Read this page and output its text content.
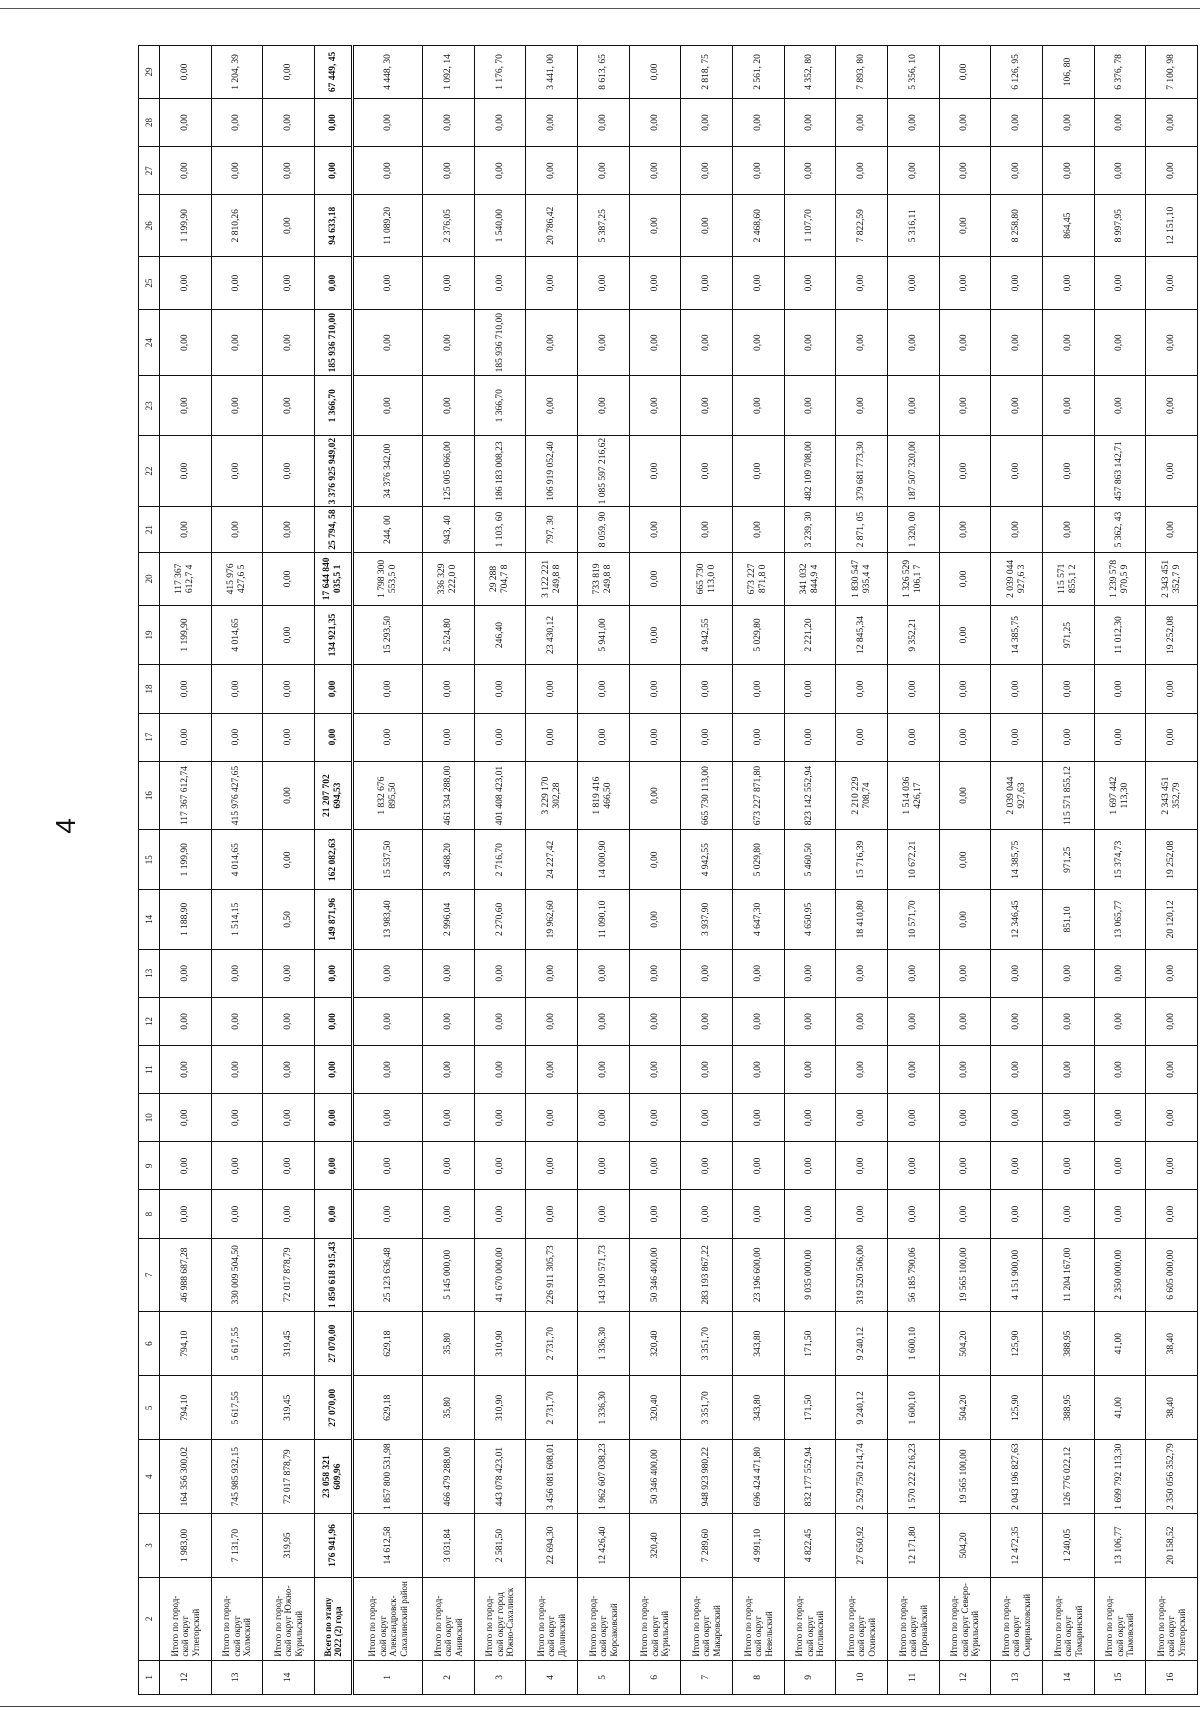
4
1	2	3	4	5	6	7	8	9	10	11	12	13	14	15	16	17	18	19	20	21	22	23	24	25	26	27	28	29
12	Итого по город-ской округ Углегорский	1 983,00	164 356 300,02	794,10	794,10	46 988 687,28	0,00	0,00	0,00	0,00	0,00	0,00	1 188,90	1 199,90	117 367 612,74	0,00	0,00	1 199,90	117 367 612,7 4	0,00	0,00	0,00	0,00	0,00	1 199,90	0,00	0,00	0,00
13	Итого по город-ской округ Холмский	7 131,70	745 985 932,15	5 617,55	5 617,55	330 009 504,50	0,00	0,00	0,00	0,00	0,00	0,00	1 514,15	4 014,65	415 976 427,65	0,00	0,00	4 014,65	415 976 427,6 5	0,00	0,00	0,00	0,00	0,00	2 810,26	0,00	0,00	1 204, 39
14	Итого по город-ской округ Южно-Курильский	319,95	72 017 878,79	319,45	319,45	72 017 878,79	0,00	0,00	0,00	0,00	0,00	0,00	0,50	0,00	0,00	0,00	0,00	0,00	0,00	0,00	0,00	0,00	0,00	0,00	0,00	0,00	0,00	0,00
	Всего по этапу 2022 (2) года	176 941,96	23 058 321 609,96	27 070,00	27 070,00	1 850 618 915,43	0,00	0,00	0,00	0,00	0,00	0,00	149 871,96	162 082,63	21 207 702 694,53	0,00	0,00	134 921,35	17 644 840 035,5 1	25 794, 58	3 376 925 949,02	1 366,70	185 936 710,00	0,00	94 633,18	0,00	0,00	67 449, 45
1	Итого по город-ской округ Александровск-Сахалинский район	14 612,58	1 857 800 531,98	629,18	629,18	25 123 636,48	0,00	0,00	0,00	0,00	0,00	0,00	13 983,40	15 537,50	1 832 676 895,50	0,00	0,00	15 293,50	1 798 300 553,5 0	244, 00	34 376 342,00	0,00	0,00	0,00	11 089,20	0,00	0,00	4 448, 30
2	Итого по город-ской округ Анивский	3 031,84	466 479 288,00	35,80	35,80	5 145 000,00	0,00	0,00	0,00	0,00	0,00	0,00	2 996,04	3 468,20	461 334 288,00	0,00	0,00	2 524,80	336 329 222,0 0	943, 40	125 005 066,00	0,00	0,00	0,00	2 376,05	0,00	0,00	1 092, 14
3	Итого по город-ской округ город Южно-Сахалинск	2 581,50	443 078 423,01	310,90	310,90	41 670 000,00	0,00	0,00	0,00	0,00	0,00	0,00	2 270,60	2 716,70	401 408 423,01	0,00	0,00	246,40	29 288 704,7 8	1 103, 60	186 183 008,23	1 366,70	185 936 710,00	0,00	1 540,00	0,00	0,00	1 176, 70
4	Итого по город-ской округ Долинский	22 694,30	3 456 081 608,01	2 731,70	2 731,70	226 911 305,73	0,00	0,00	0,00	0,00	0,00	0,00	19 962,60	24 227,42	3 229 170 302,28	0,00	0,00	23 430,12	3 122 221 249,8 8	797, 30	106 919 052,40	0,00	0,00	0,00	20 786,42	0,00	0,00	3 441, 00
5	Итого по город-ской округ Корсаковский	12 426,40	1 962 607 038,23	1 336,30	1 336,30	143 190 571,73	0,00	0,00	0,00	0,00	0,00	0,00	11 090,10	14 000,90	1 819 416 466,50	0,00	0,00	5 941,00	733 819 249,8 8	8 059, 90	1 085 597 216,62	0,00	0,00	0,00	5 387,25	0,00	0,00	8 613, 65
6	Итого по город-ской округ Курильский	320,40	50 346 400,00	320,40	320,40	50 346 400,00	0,00	0,00	0,00	0,00	0,00	0,00	0,00	0,00	0,00	0,00	0,00	0,00	0,00	0,00	0,00	0,00	0,00	0,00	0,00	0,00	0,00	0,00
7	Итого по город-ской округ Макаровский	7 289,60	948 923 980,22	3 351,70	3 351,70	283 193 867,22	0,00	0,00	0,00	0,00	0,00	0,00	3 937,90	4 942,55	665 730 113,00	0,00	0,00	4 942,55	665 730 113,0 0	0,00	0,00	0,00	0,00	0,00	0,00	0,00	0,00	2 818, 75
8	Итого по город-ской округ Невельский	4 991,10	696 424 471,80	343,80	343,80	23 196 600,00	0,00	0,00	0,00	0,00	0,00	0,00	4 647,30	5 029,80	673 227 871,80	0,00	0,00	5 029,80	673 227 871,8 0	0,00	0,00	0,00	0,00	0,00	2 468,60	0,00	0,00	2 561, 20
9	Итого по город-ской округ Ногликский	4 822,45	832 177 552,94	171,50	171,50	9 035 000,00	0,00	0,00	0,00	0,00	0,00	0,00	4 650,95	5 460,50	823 142 552,94	0,00	0,00	2 221,20	341 032 844,9 4	3 239, 30	482 109 708,00	0,00	0,00	0,00	1 107,70	0,00	0,00	4 352, 80
10	Итого по город-ской округ Охинский	27 650,92	2 529 750 214,74	9 240,12	9 240,12	319 520 506,00	0,00	0,00	0,00	0,00	0,00	0,00	18 410,80	15 716,39	2 210 229 708,74	0,00	0,00	12 845,34	1 830 547 935,4 4	2 871, 05	379 681 773,30	0,00	0,00	0,00	7 822,59	0,00	0,00	7 893, 80
11	Итого по город-ской округ Поронайский	12 171,80	1 570 222 216,23	1 600,10	1 600,10	56 185 790,06	0,00	0,00	0,00	0,00	0,00	0,00	10 571,70	10 672,21	1 514 036 426,17	0,00	0,00	9 352,21	1 326 529 106,1 7	1 320, 00	187 507 320,00	0,00	0,00	0,00	5 316,11	0,00	0,00	5 356, 10
12	Итого по город-ской округ Северо-Курильский	504,20	19 565 100,00	504,20	504,20	19 565 100,00	0,00	0,00	0,00	0,00	0,00	0,00	0,00	0,00	0,00	0,00	0,00	0,00	0,00	0,00	0,00	0,00	0,00	0,00	0,00	0,00	0,00	0,00
13	Итого по город-ской округ Смирныховский	12 472,35	2 043 196 827,63	125,90	125,90	4 151 900,00	0,00	0,00	0,00	0,00	0,00	0,00	12 346,45	14 385,75	2 039 044 927,63	0,00	0,00	14 385,75	2 039 044 927,6 3	0,00	0,00	0,00	0,00	0,00	8 258,80	0,00	0,00	6 126, 95
14	Итого по город-ской округ Томаринский	1 240,05	126 776 022,12	388,95	388,95	11 204 167,00	0,00	0,00	0,00	0,00	0,00	0,00	851,10	971,25	115 571 855,12	0,00	0,00	971,25	115 571 855,1 2	0,00	0,00	0,00	0,00	0,00	864,45	0,00	0,00	106, 80
15	Итого по город-ской округ Тымовский	13 106,77	1 699 792 113,30	41,00	41,00	2 350 000,00	0,00	0,00	0,00	0,00	0,00	0,00	13 065,77	15 374,73	1 697 442 113,30	0,00	0,00	11 012,30	1 239 578 970,5 9	5 362, 43	457 863 142,71	0,00	0,00	0,00	8 997,95	0,00	0,00	6 376, 78
16	Итого по город-ской округ Углегорский	20 158,52	2 350 056 352,79	38,40	38,40	6 605 000,00	0,00	0,00	0,00	0,00	0,00	0,00	20 120,12	19 252,08	2 343 451 352,79	0,00	0,00	19 252,08	2 343 451 352,7 9	0,00	0,00	0,00	0,00	0,00	12 151,10	0,00	0,00	7 100, 98
